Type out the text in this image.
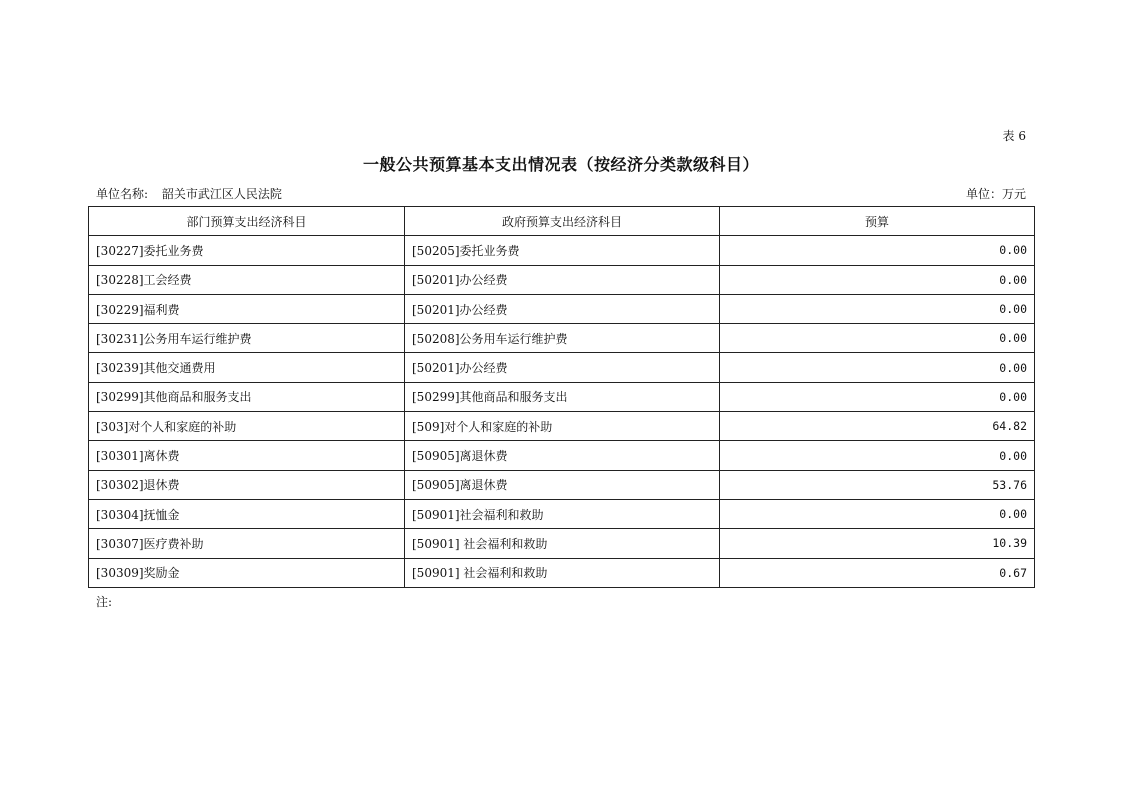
表 6
一般公共预算基本支出情况表（按经济分类款级科目）
单位名称: 韶关市武江区人民法院	单位：万元
部门预算支出经济科目	政府预算支出经济科目	预算
[30227]委托业务费	[50205]委托业务费	0.00
[30228]工会经费	[50201]办公经费	0.00
[30229]福利费	[50201]办公经费	0.00
[30231]公务用车运行维护费	[50208]公务用车运行维护费	0.00
[30239]其他交通费用	[50201]办公经费	0.00
[30299]其他商品和服务支出	[50299]其他商品和服务支出	0.00
[303]对个人和家庭的补助	[509]对个人和家庭的补助	64.82
[30301]离休费	[50905]离退休费	0.00
[30302]退休费	[50905]离退休费	53.76
[30304]抚恤金	[50901]社会福利和救助	0.00
[30307]医疗费补助	[50901] 社会福利和救助	10.39
[30309]奖励金	[50901] 社会福利和救助	0.67
注:
